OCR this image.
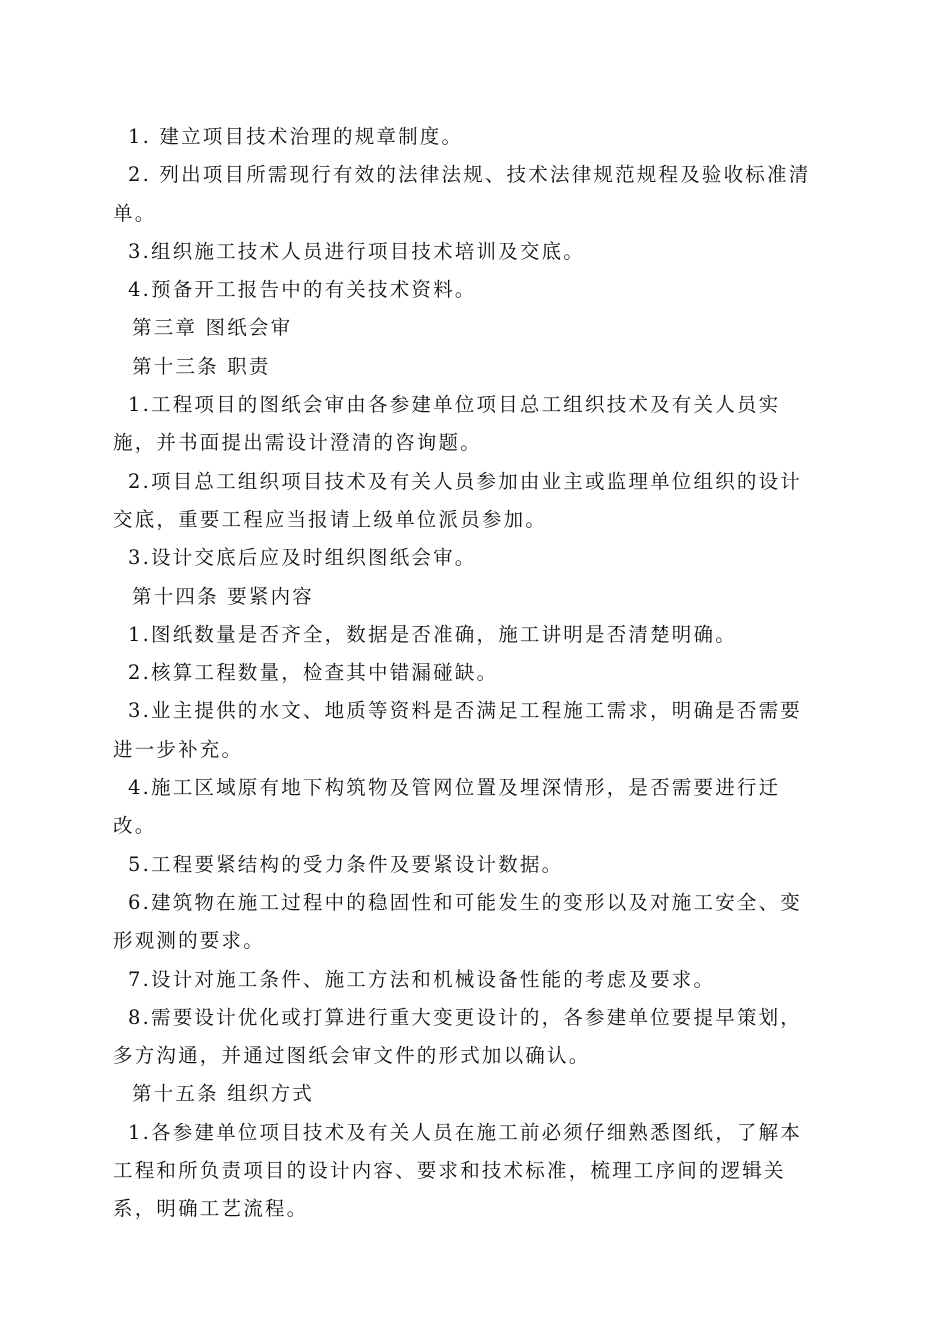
1. 建立项目技术治理的规章制度。

2. 列出项目所需现行有效的法律法规、技术法律规范规程及验收标准清单。

3.组织施工技术人员进行项目技术培训及交底。

4.预备开工报告中的有关技术资料。

第三章 图纸会审

第十三条 职责

1.工程项目的图纸会审由各参建单位项目总工组织技术及有关人员实施，并书面提出需设计澄清的咨询题。

2.项目总工组织项目技术及有关人员参加由业主或监理单位组织的设计交底，重要工程应当报请上级单位派员参加。

3.设计交底后应及时组织图纸会审。

第十四条 要紧内容

1.图纸数量是否齐全，数据是否准确，施工讲明是否清楚明确。

2.核算工程数量，检查其中错漏碰缺。

3.业主提供的水文、地质等资料是否满足工程施工需求，明确是否需要进一步补充。

4.施工区域原有地下构筑物及管网位置及埋深情形，是否需要进行迁改。

5.工程要紧结构的受力条件及要紧设计数据。

6.建筑物在施工过程中的稳固性和可能发生的变形以及对施工安全、变形观测的要求。

7.设计对施工条件、施工方法和机械设备性能的考虑及要求。

8.需要设计优化或打算进行重大变更设计的，各参建单位要提早策划，多方沟通，并通过图纸会审文件的形式加以确认。

第十五条 组织方式

1.各参建单位项目技术及有关人员在施工前必须仔细熟悉图纸，了解本工程和所负责项目的设计内容、要求和技术标准，梳理工序间的逻辑关系，明确工艺流程。
